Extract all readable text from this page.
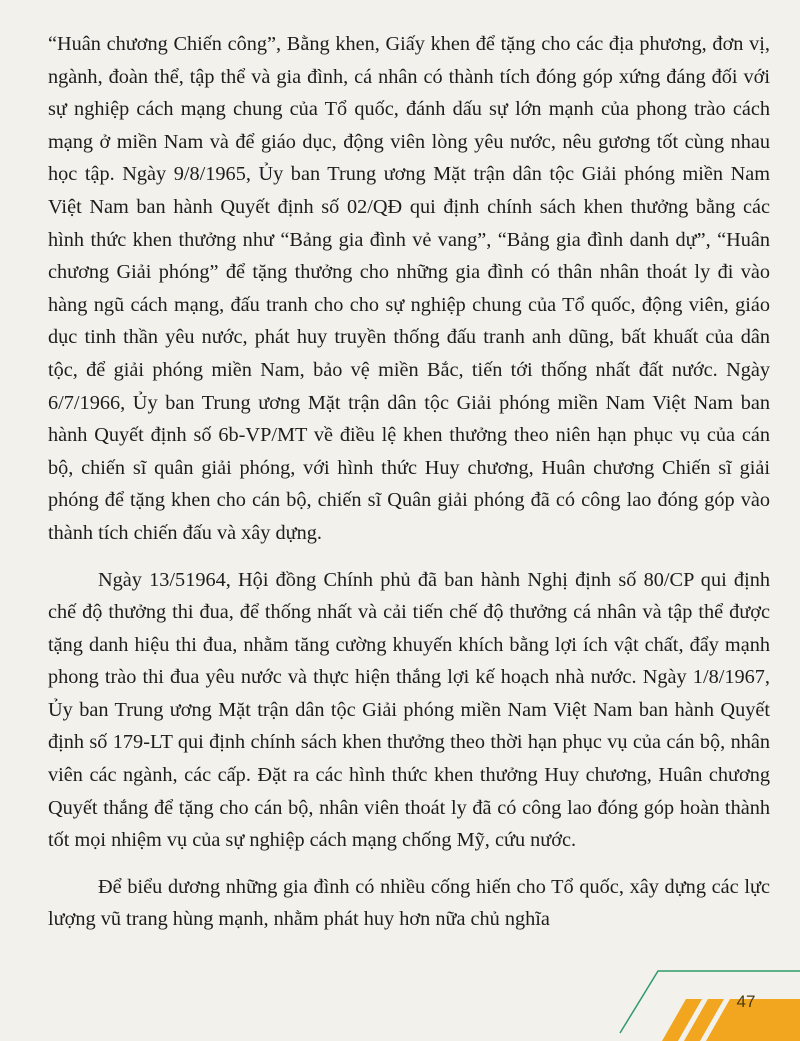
“Huân chương Chiến công”, Bằng khen, Giấy khen để tặng cho các địa phương, đơn vị, ngành, đoàn thể, tập thể và gia đình, cá nhân có thành tích đóng góp xứng đáng đối với sự nghiệp cách mạng chung của Tổ quốc, đánh dấu sự lớn mạnh của phong trào cách mạng ở miền Nam và để giáo dục, động viên lòng yêu nước, nêu gương tốt cùng nhau học tập. Ngày 9/8/1965, Ủy ban Trung ương Mặt trận dân tộc Giải phóng miền Nam Việt Nam ban hành Quyết định số 02/QĐ qui định chính sách khen thưởng bằng các hình thức khen thưởng như “Bảng gia đình vẻ vang”, “Bảng gia đình danh dự”, “Huân chương Giải phóng” để tặng thưởng cho những gia đình có thân nhân thoát ly đi vào hàng ngũ cách mạng, đấu tranh cho cho sự nghiệp chung của Tổ quốc, động viên, giáo dục tinh thần yêu nước, phát huy truyền thống đấu tranh anh dũng, bất khuất của dân tộc, để giải phóng miền Nam, bảo vệ miền Bắc, tiến tới thống nhất đất nước. Ngày 6/7/1966, Ủy ban Trung ương Mặt trận dân tộc Giải phóng miền Nam Việt Nam ban hành Quyết định số 6b-VP/MT về điều lệ khen thưởng theo niên hạn phục vụ của cán bộ, chiến sĩ quân giải phóng, với hình thức Huy chương, Huân chương Chiến sĩ giải phóng để tặng khen cho cán bộ, chiến sĩ Quân giải phóng đã có công lao đóng góp vào thành tích chiến đấu và xây dựng.

Ngày 13/51964, Hội đồng Chính phủ đã ban hành Nghị định số 80/CP qui định chế độ thưởng thi đua, để thống nhất và cải tiến chế độ thưởng cá nhân và tập thể được tặng danh hiệu thi đua, nhằm tăng cường khuyến khích bằng lợi ích vật chất, đẩy mạnh phong trào thi đua yêu nước và thực hiện thắng lợi kế hoạch nhà nước. Ngày 1/8/1967, Ủy ban Trung ương Mặt trận dân tộc Giải phóng miền Nam Việt Nam ban hành Quyết định số 179-LT qui định chính sách khen thưởng theo thời hạn phục vụ của cán bộ, nhân viên các ngành, các cấp. Đặt ra các hình thức khen thưởng Huy chương, Huân chương Quyết thắng để tặng cho cán bộ, nhân viên thoát ly đã có công lao đóng góp hoàn thành tốt mọi nhiệm vụ của sự nghiệp cách mạng chống Mỹ, cứu nước.

Để biểu dương những gia đình có nhiều cống hiến cho Tổ quốc, xây dựng các lực lượng vũ trang hùng mạnh, nhằm phát huy hơn nữa chủ nghĩa

47
